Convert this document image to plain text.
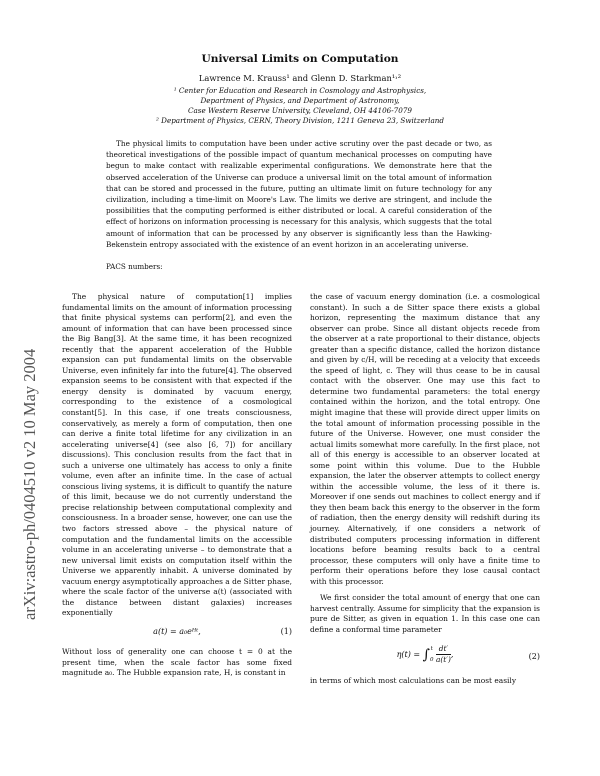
Universal Limits on Computation
Lawrence M. Krauss¹ and Glenn D. Starkman¹˒²
¹ Center for Education and Research in Cosmology and Astrophysics,
Department of Physics, and Department of Astronomy,
Case Western Reserve University, Cleveland, OH 44106-7079
² Department of Physics, CERN, Theory Division, 1211 Geneva 23, Switzerland

The physical limits to computation have been under active scrutiny over the past decade or two, as theoretical investigations of the possible impact of quantum mechanical processes on computing have begun to make contact with realizable experimental configurations. We demonstrate here that the observed acceleration of the Universe can produce a universal limit on the total amount of information that can be stored and processed in the future, putting an ultimate limit on future technology for any civilization, including a time-limit on Moore's Law. The limits we derive are stringent, and include the possibilities that the computing performed is either distributed or local. A careful consideration of the effect of horizons on information processing is necessary for this analysis, which suggests that the total amount of information that can be processed by any observer is significantly less than the Hawking-Bekenstein entropy associated with the existence of an event horizon in an accelerating universe.

PACS numbers:
arXiv:astro-ph/0404510 v2 10 May 2004

The physical nature of computation[1] implies fundamental limits on the amount of information processing that finite physical systems can perform[2], and even the amount of information that can have been processed since the Big Bang[3]. At the same time, it has been recognized recently that the apparent acceleration of the Hubble expansion can put fundamental limits on the observable Universe, even infinitely far into the future[4]. The observed expansion seems to be consistent with that expected if the energy density is dominated by vacuum energy, corresponding to the existence of a cosmological constant[5]. In this case, if one treats consciousness, conservatively, as merely a form of computation, then one can derive a finite total lifetime for any civilization in an accelerating universe[4] (see also [6, 7]) for ancillary discussions). This conclusion results from the fact that in such a universe one ultimately has access to only a finite volume, even after an infinite time. In the case of actual conscious living systems, it is difficult to quantify the nature of this limit, because we do not currently understand the precise relationship between computational complexity and consciousness. In a broader sense, however, one can use the two factors stressed above – the physical nature of computation and the fundamental limits on the accessible volume in an accelerating universe – to demonstrate that a new universal limit exists on computation itself within the Universe we apparently inhabit. A universe dominated by vacuum energy asymptotically approaches a de Sitter phase, where the scale factor of the universe a(t) (associated with the distance between distant galaxies) increases exponentially

a(t) = a₀eᴴᵗ,	(1)

Without loss of generality one can choose t = 0 at the present time, when the scale factor has some fixed magnitude a₀. The Hubble expansion rate, H, is constant in

the case of vacuum energy domination (i.e. a cosmological constant). In such a de Sitter space there exists a global horizon, representing the maximum distance that any observer can probe. Since all distant objects recede from the observer at a rate proportional to their distance, objects greater than a specific distance, called the horizon distance and given by c/H, will be receding at a velocity that exceeds the speed of light, c. They will thus cease to be in causal contact with the observer. One may use this fact to determine two fundamental parameters: the total energy contained within the horizon, and the total entropy. One might imagine that these will provide direct upper limits on the total amount of information processing possible in the future of the Universe. However, one must consider the actual limits somewhat more carefully. In the first place, not all of this energy is accessible to an observer located at some point within this volume. Due to the Hubble expansion, the later the observer attempts to collect energy within the accessible volume, the less of it there is. Moreover if one sends out machines to collect energy and if they then beam back this energy to the observer in the form of radiation, then the energy density will redshift during its journey. Alternatively, if one considers a network of distributed computers processing information in different locations before beaming results back to a central processor, these computers will only have a finite time to perform their operations before they lose causal contact with this processor.

We first consider the total amount of energy that one can harvest centrally. Assume for simplicity that the expansion is pure de Sitter, as given in equation 1. In this case one can define a conformal time parameter

η(t) = ∫ t
0
$\frac{dt'}{a(t')}$ ,	(2)

in terms of which most calculations can be most easily
